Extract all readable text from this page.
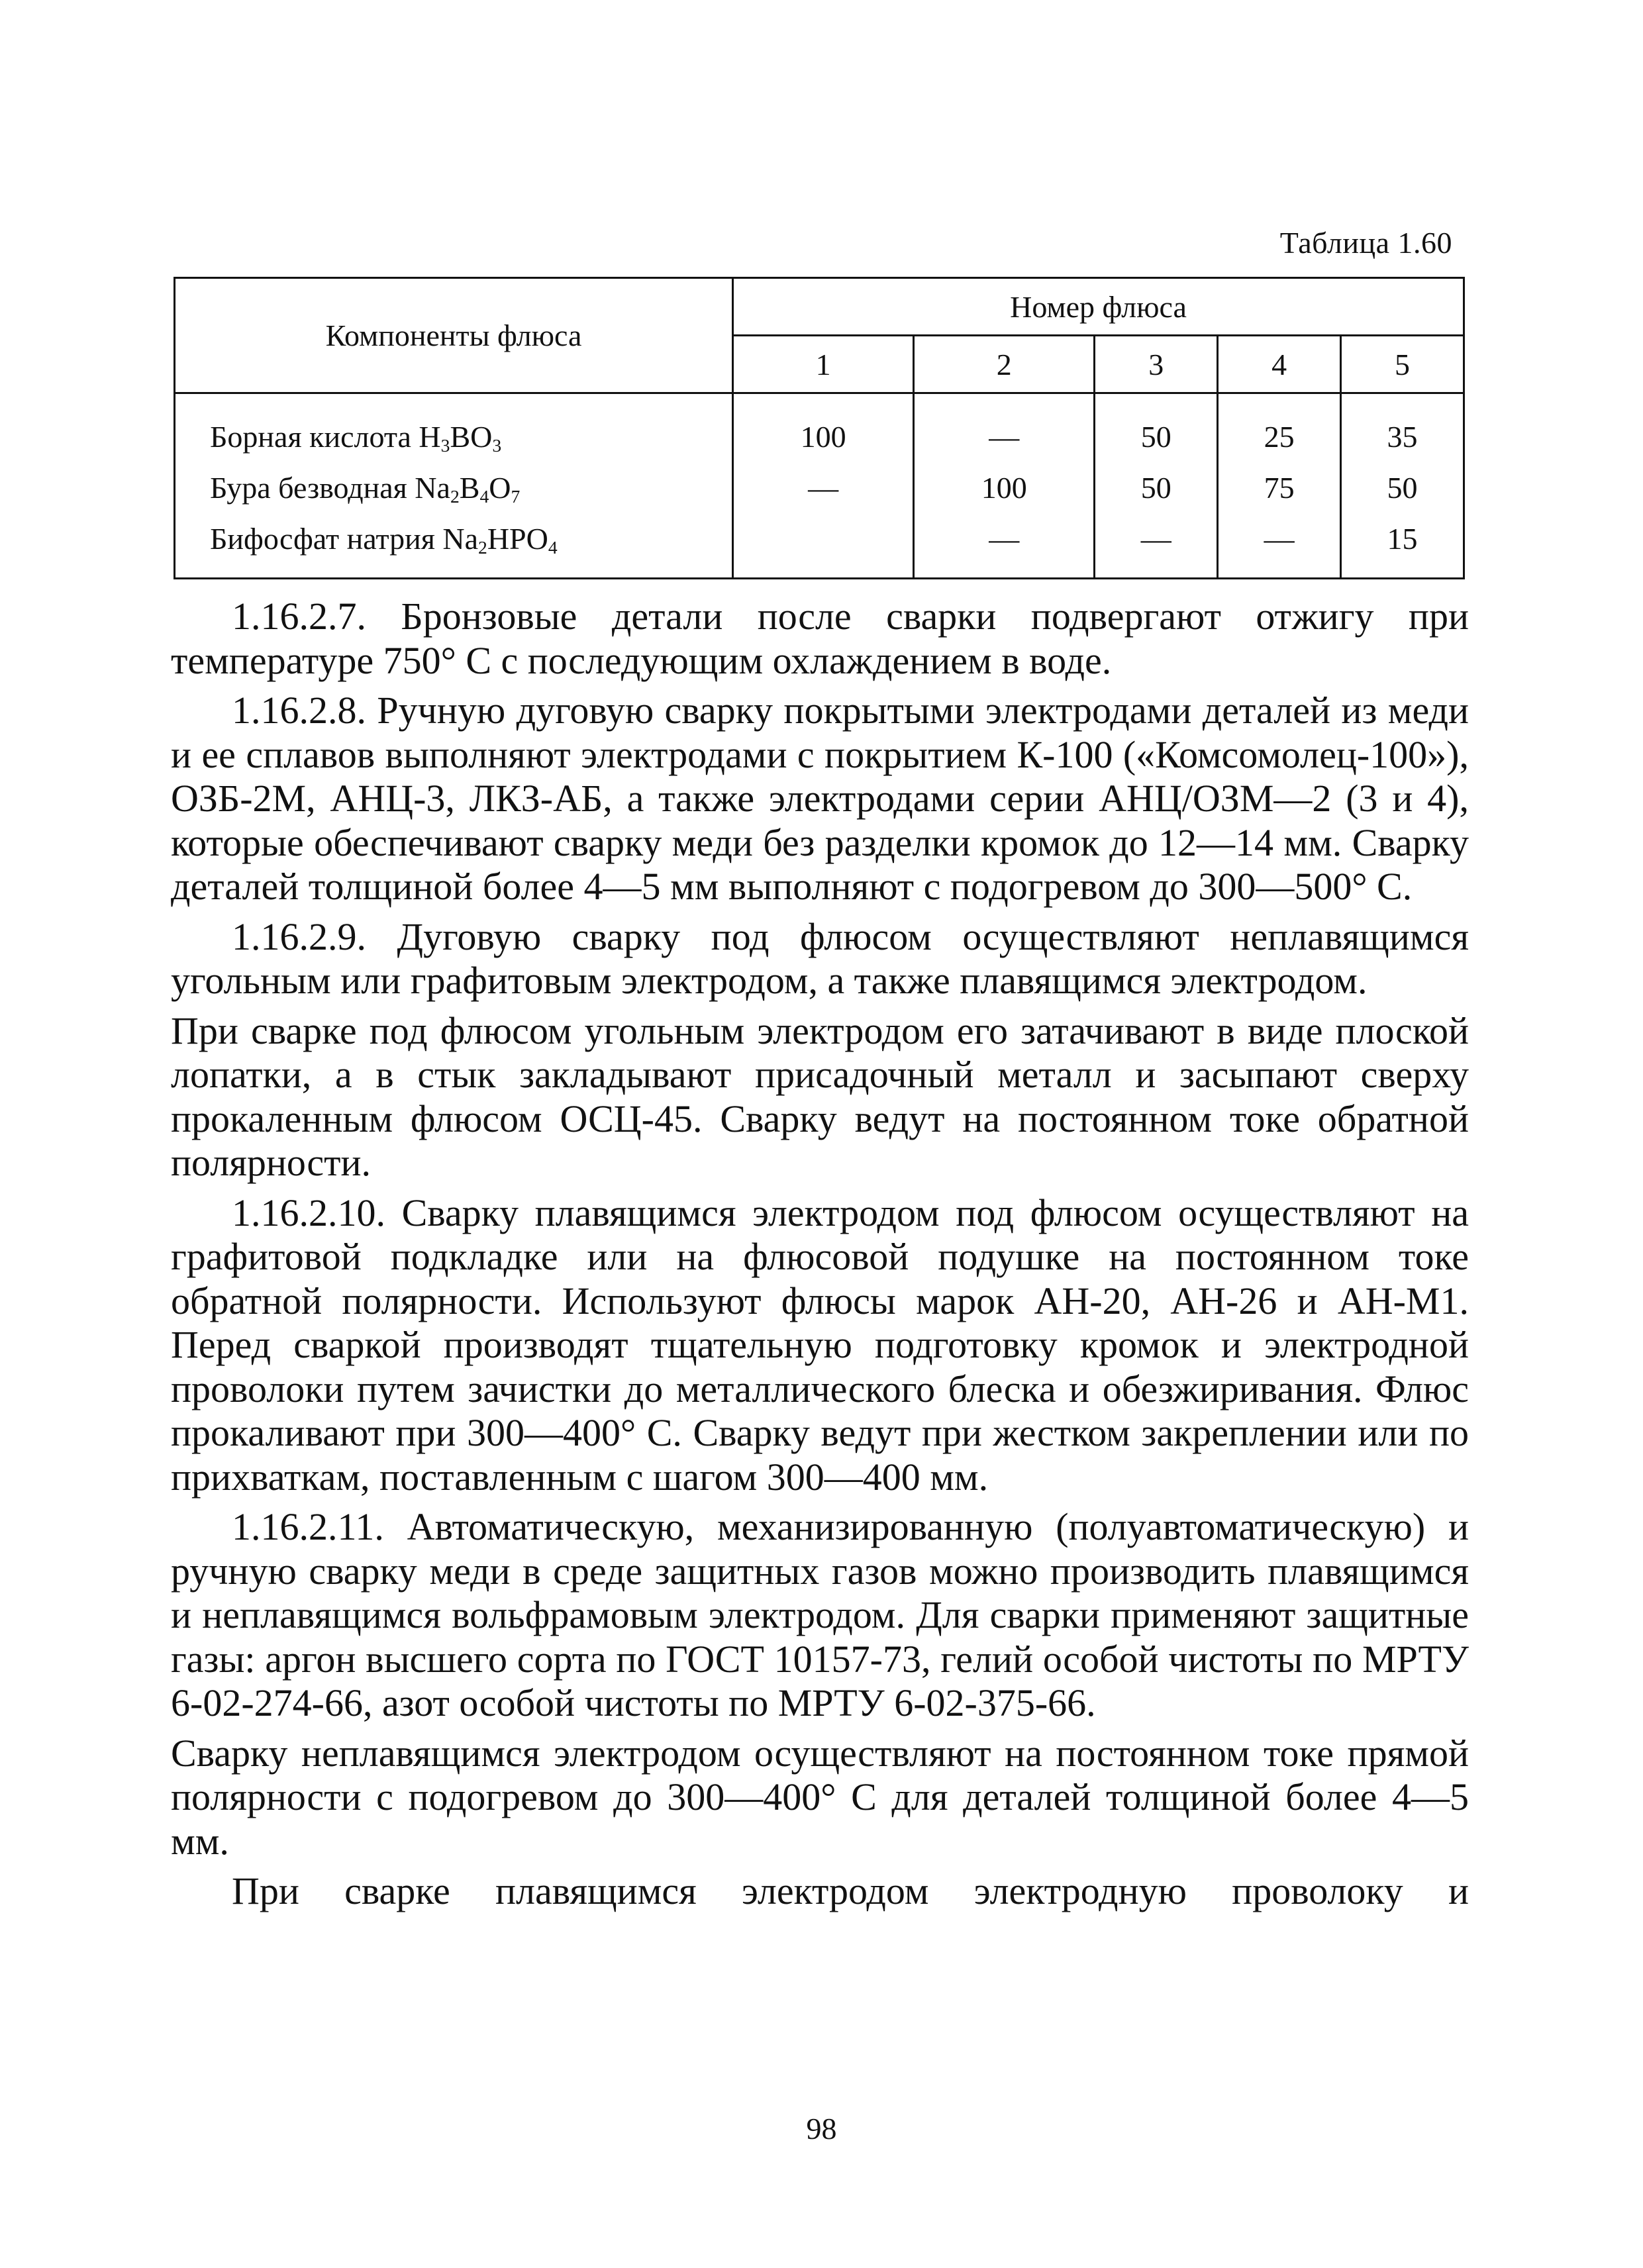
Таблица 1.60
Компоненты флюса	Номер флюса				
	1	2	3	4	5
Борная кислота $H_3BO_3$	100	—	50	25	35
Бура безводная $Na_2B_4O_7$	—	100	50	75	50
Бифосфат натрия $Na_2HPO_4$		—	—	—	15

1.16.2.7. Бронзовые детали после сварки подвергают отжигу при температуре 750° С с последующим охлаждением в воде.

1.16.2.8. Ручную дуговую сварку покрытыми электродами деталей из меди и ее сплавов выполняют электродами с покрытием К-100 («Комсомолец-100»), ОЗБ-2М, АНЦ-3, ЛКЗ-АБ, а также электродами серии АНЦ/ОЗМ—2 (3 и 4), которые обеспечивают сварку меди без разделки кромок до 12—14 мм. Сварку деталей толщиной более 4—5 мм выполняют с подогревом до 300—500° С.

1.16.2.9. Дуговую сварку под флюсом осуществляют неплавящимся угольным или графитовым электродом, а также плавящимся электродом.

При сварке под флюсом угольным электродом его затачивают в виде плоской лопатки, а в стык закладывают присадочный металл и засыпают сверху прокаленным флюсом ОСЦ-45. Сварку ведут на постоянном токе обратной полярности.

1.16.2.10. Сварку плавящимся электродом под флюсом осуществляют на графитовой подкладке или на флюсовой подушке на постоянном токе обратной полярности. Используют флюсы марок АН-20, АН-26 и АН-М1. Перед сваркой производят тщательную подготовку кромок и электродной проволоки путем зачистки до металлического блеска и обезжиривания. Флюс прокаливают при 300—400° С. Сварку ведут при жестком закреплении или по прихваткам, поставленным с шагом 300—400 мм.

1.16.2.11. Автоматическую, механизированную (полуавтоматическую) и ручную сварку меди в среде защитных газов можно производить плавящимся и неплавящимся вольфрамовым электродом. Для сварки применяют защитные газы: аргон высшего сорта по ГОСТ 10157-73, гелий особой чистоты по МРТУ 6-02-274-66, азот особой чистоты по МРТУ 6-02-375-66.

Сварку неплавящимся электродом осуществляют на постоянном токе прямой полярности с подогревом до 300—400° С для деталей толщиной более 4—5 мм.

При сварке плавящимся электродом электродную проволоку и

98
